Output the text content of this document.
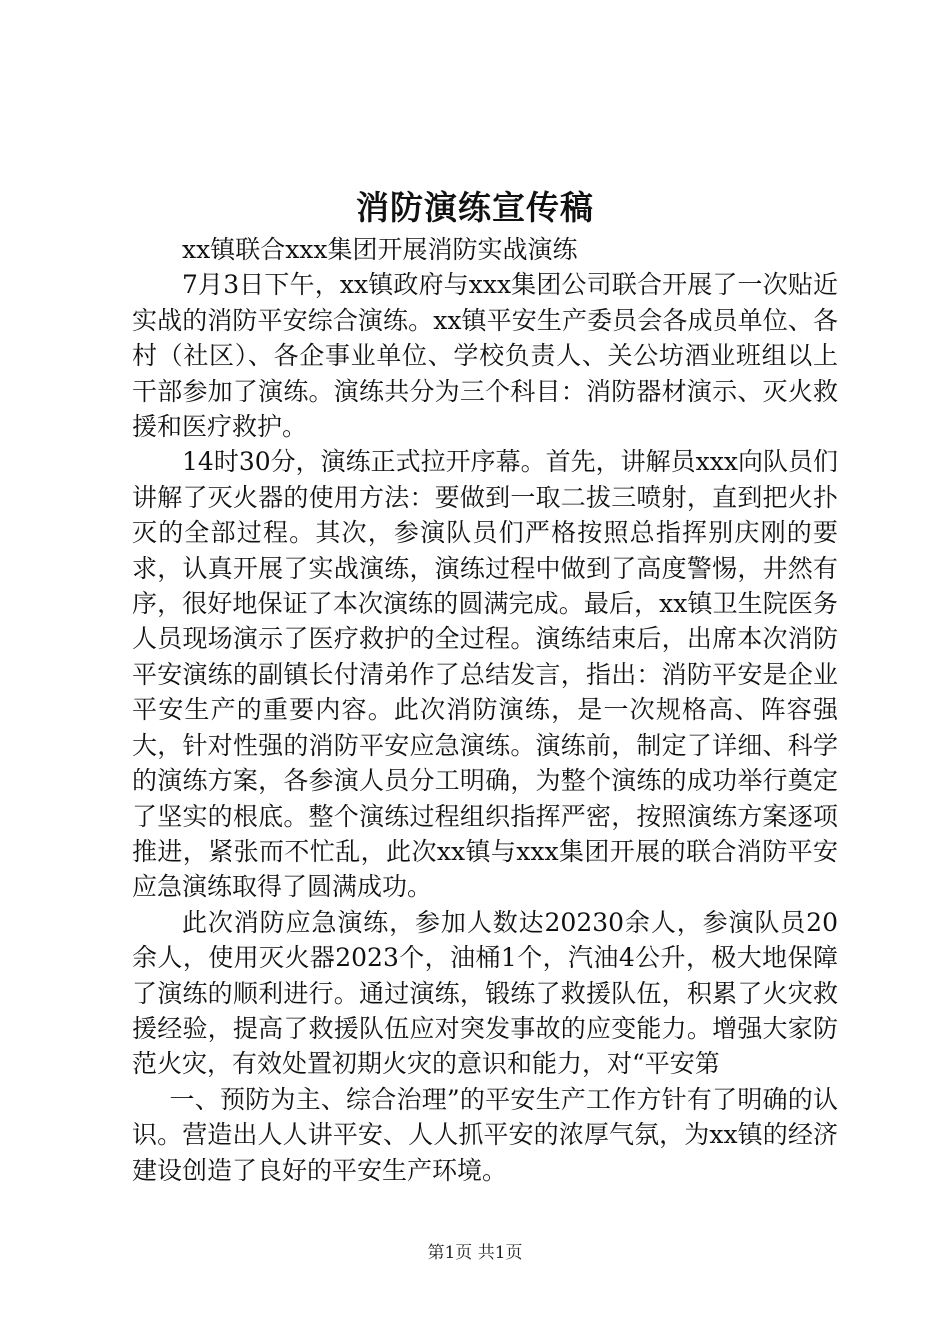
消防演练宣传稿

xx镇联合xxx集团开展消防实战演练

7月3日下午，xx镇政府与xxx集团公司联合开展了一次贴近实战的消防平安综合演练。xx镇平安生产委员会各成员单位、各村（社区）、各企事业单位、学校负责人、关公坊酒业班组以上干部参加了演练。演练共分为三个科目：消防器材演示、灭火救援和医疗救护。

14时30分，演练正式拉开序幕。首先，讲解员xxx向队员们讲解了灭火器的使用方法：要做到一取二拔三喷射，直到把火扑灭的全部过程。其次，参演队员们严格按照总指挥别庆刚的要求，认真开展了实战演练，演练过程中做到了高度警惕，井然有序，很好地保证了本次演练的圆满完成。最后，xx镇卫生院医务人员现场演示了医疗救护的全过程。演练结束后，出席本次消防平安演练的副镇长付清弟作了总结发言，指出：消防平安是企业平安生产的重要内容。此次消防演练，是一次规格高、阵容强大，针对性强的消防平安应急演练。演练前，制定了详细、科学的演练方案，各参演人员分工明确，为整个演练的成功举行奠定了坚实的根底。整个演练过程组织指挥严密，按照演练方案逐项推进，紧张而不忙乱，此次xx镇与xxx集团开展的联合消防平安应急演练取得了圆满成功。

此次消防应急演练，参加人数达20230余人，参演队员20余人，使用灭火器2023个，油桶1个，汽油4公升，极大地保障了演练的顺利进行。通过演练，锻练了救援队伍，积累了火灾救援经验，提高了救援队伍应对突发事故的应变能力。增强大家防范火灾，有效处置初期火灾的意识和能力，对“平安第

一、预防为主、综合治理”的平安生产工作方针有了明确的认识。营造出人人讲平安、人人抓平安的浓厚气氛，为xx镇的经济建设创造了良好的平安生产环境。

第1页 共1页
